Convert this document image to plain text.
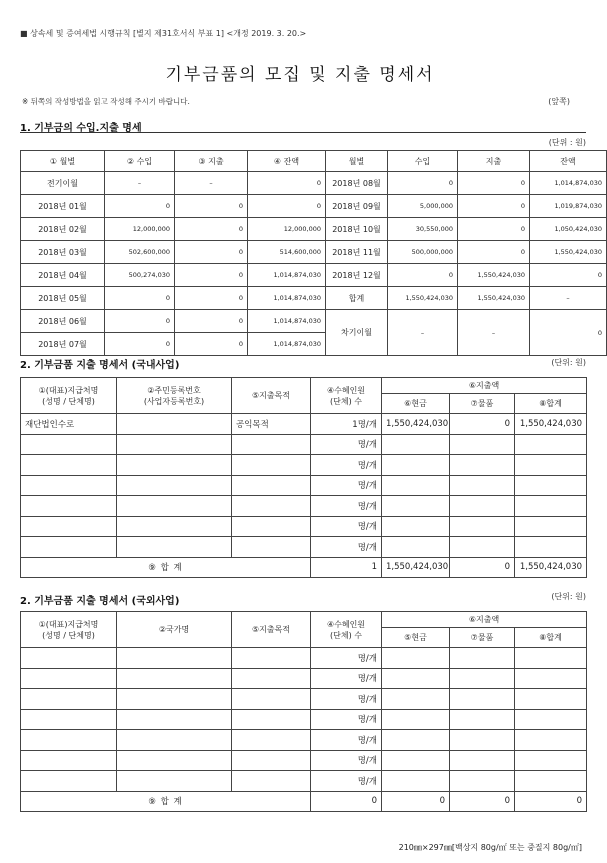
■ 상속세 및 증여세법 시행규칙 [별지 제31호서식 부표 1] <개정 2019. 3. 20.>
기부금품의 모집 및 지출 명세서
※ 뒤쪽의 작성방법을 읽고 작성해 주시기 바랍니다.	(앞쪽)
1. 기부금의 수입.지출 명세
(단위 : 원)
① 월별	② 수입	③ 지출	④ 잔액	월별	수입	지출	잔액
전기이월	–	–	0	2018년 08월	0	0	1,014,874,030
2018년 01월	0	0	0	2018년 09월	5,000,000	0	1,019,874,030
2018년 02월	12,000,000	0	12,000,000	2018년 10월	30,550,000	0	1,050,424,030
2018년 03월	502,600,000	0	514,600,000	2018년 11월	500,000,000	0	1,550,424,030
2018년 04월	500,274,030	0	1,014,874,030	2018년 12월	0	1,550,424,030	0
2018년 05월	0	0	1,014,874,030	합계	1,550,424,030	1,550,424,030	–
2018년 06월	0	0	1,014,874,030	차기이월	–	–	0
2018년 07월	0	0	1,014,874,030				
2. 기부금품 지출 명세서 (국내사업)	(단위: 원)
①(대표)지급처명
(성명 / 단체명)	②주민등록번호
(사업자등록번호)	⑤지출목적	④수혜인원
(단체) 수	⑥지출액		
				⑥현금	⑦물품	⑧합계
재단법인수로		공익목적	1명/개	1,550,424,030	0	1,550,424,030
			명/개			
			명/개			
			명/개			
			명/개			
			명/개			
			명/개			
⑨ 합 계			1	1,550,424,030	0	1,550,424,030
2. 기부금품 지출 명세서 (국외사업)	(단위: 원)
①(대표)지급처명
(성명 / 단체명)	②국가명	⑤지출목적	④수혜인원
(단체) 수	⑥지출액		
				⑤현금	⑦물품	⑧합계
			명/개			
			명/개			
			명/개			
			명/개			
			명/개			
			명/개			
			명/개			
⑨ 합 계			0	0	0	0
210㎜×297㎜[백상지 80g/㎡ 또는 중질지 80g/㎡]
